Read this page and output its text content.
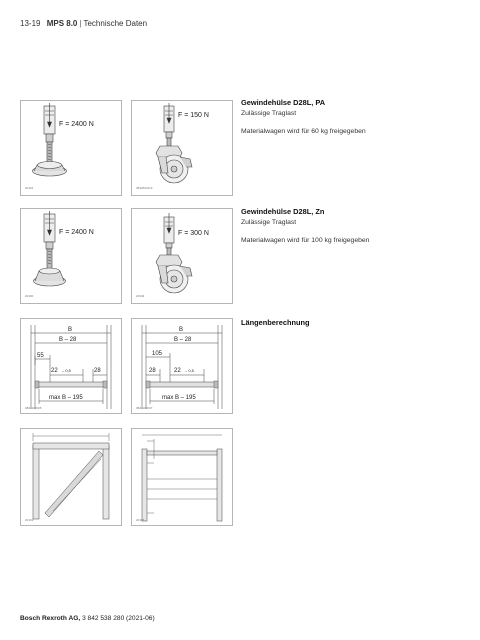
13-19 MPS 8.0 | Technische Daten
F = 2400 N
20161
F = 150 N
3842563113
Gewindehülse D28L, PA
Zulässige Traglast
Materialwagen wird für 60 kg freigegeben
F = 2400 N
20160
F = 300 N
20349
Gewindehülse D28L, Zn
Zulässige Traglast
Materialwagen wird für 100 kg freigegeben
B
B – 28
55
22 – 0,5	28
max B – 195
3821102005
B
B – 28
105
28	22 – 0,5
max B – 195
3821102007
Längenberechnung
20163	20166
Bosch Rexroth AG, 3 842 538 280 (2021-06)
